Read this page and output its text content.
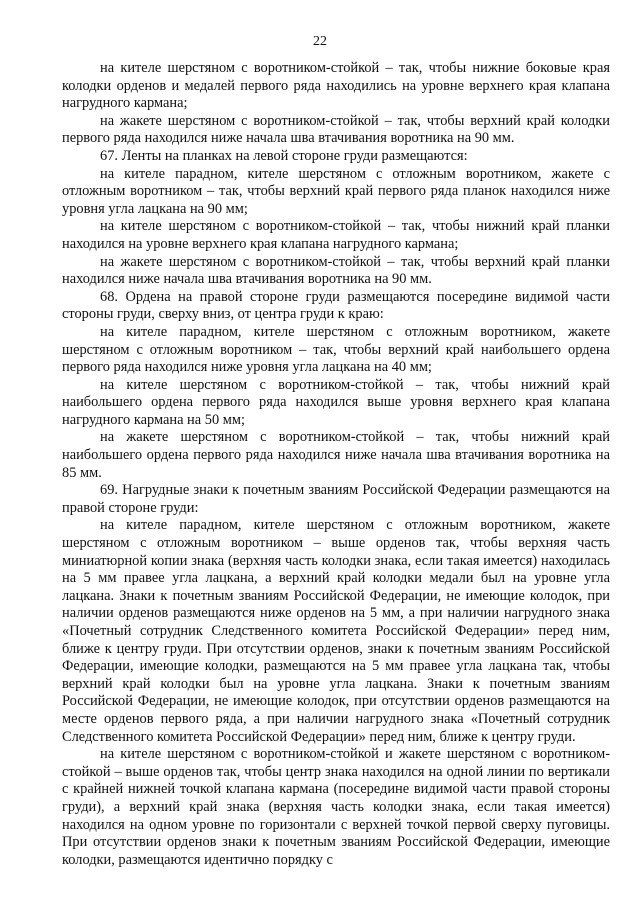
22

на кителе шерстяном с воротником-стойкой – так, чтобы нижние боковые края колодки орденов и медалей первого ряда находились на уровне верхнего края клапана нагрудного кармана;

на жакете шерстяном с воротником-стойкой – так, чтобы верхний край колодки первого ряда находился ниже начала шва втачивания воротника на 90 мм.

67. Ленты на планках на левой стороне груди размещаются:

на кителе парадном, кителе шерстяном с отложным воротником, жакете с отложным воротником – так, чтобы верхний край первого ряда планок находился ниже уровня угла лацкана на 90 мм;

на кителе шерстяном с воротником-стойкой – так, чтобы нижний край планки находился на уровне верхнего края клапана нагрудного кармана;

на жакете шерстяном с воротником-стойкой – так, чтобы верхний край планки находился ниже начала шва втачивания воротника на 90 мм.

68. Ордена на правой стороне груди размещаются посередине видимой части стороны груди, сверху вниз, от центра груди к краю:

на кителе парадном, кителе шерстяном с отложным воротником, жакете шерстяном с отложным воротником – так, чтобы верхний край наибольшего ордена первого ряда находился ниже уровня угла лацкана на 40 мм;

на кителе шерстяном с воротником-стойкой – так, чтобы нижний край наибольшего ордена первого ряда находился выше уровня верхнего края клапана нагрудного кармана на 50 мм;

на жакете шерстяном с воротником-стойкой – так, чтобы нижний край наибольшего ордена первого ряда находился ниже начала шва втачивания воротника на 85 мм.

69. Нагрудные знаки к почетным званиям Российской Федерации размещаются на правой стороне груди:

на кителе парадном, кителе шерстяном с отложным воротником, жакете шерстяном с отложным воротником – выше орденов так, чтобы верхняя часть миниатюрной копии знака (верхняя часть колодки знака, если такая имеется) находилась на 5 мм правее угла лацкана, а верхний край колодки медали был на уровне угла лацкана. Знаки к почетным званиям Российской Федерации, не имеющие колодок, при наличии орденов размещаются ниже орденов на 5 мм, а при наличии нагрудного знака «Почетный сотрудник Следственного комитета Российской Федерации» перед ним, ближе к центру груди. При отсутствии орденов, знаки к почетным званиям Российской Федерации, имеющие колодки, размещаются на 5 мм правее угла лацкана так, чтобы верхний край колодки был на уровне угла лацкана. Знаки к почетным званиям Российской Федерации, не имеющие колодок, при отсутствии орденов размещаются на месте орденов первого ряда, а при наличии нагрудного знака «Почетный сотрудник Следственного комитета Российской Федерации» перед ним, ближе к центру груди.

на кителе шерстяном с воротником-стойкой и жакете шерстяном с воротником-стойкой – выше орденов так, чтобы центр знака находился на одной линии по вертикали с крайней нижней точкой клапана кармана (посередине видимой части правой стороны груди), а верхний край знака (верхняя часть колодки знака, если такая имеется) находился на одном уровне по горизонтали с верхней точкой первой сверху пуговицы. При отсутствии орденов знаки к почетным званиям Российской Федерации, имеющие колодки, размещаются идентично порядку с
